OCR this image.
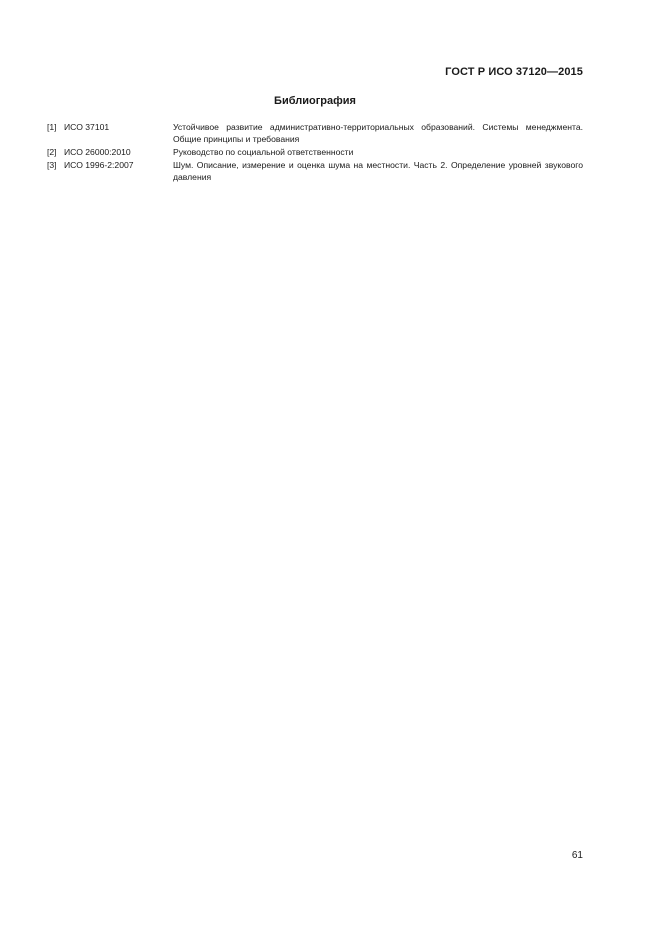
ГОСТ Р ИСО 37120—2015
Библиография
[1] ИСО 37101	Устойчивое развитие административно-территориальных образований. Системы менеджмента. Общие принципы и требования
[2] ИСО 26000:2010	Руководство по социальной ответственности
[3] ИСО 1996-2:2007	Шум. Описание, измерение и оценка шума на местности. Часть 2. Определение уровней звукового давления
61
